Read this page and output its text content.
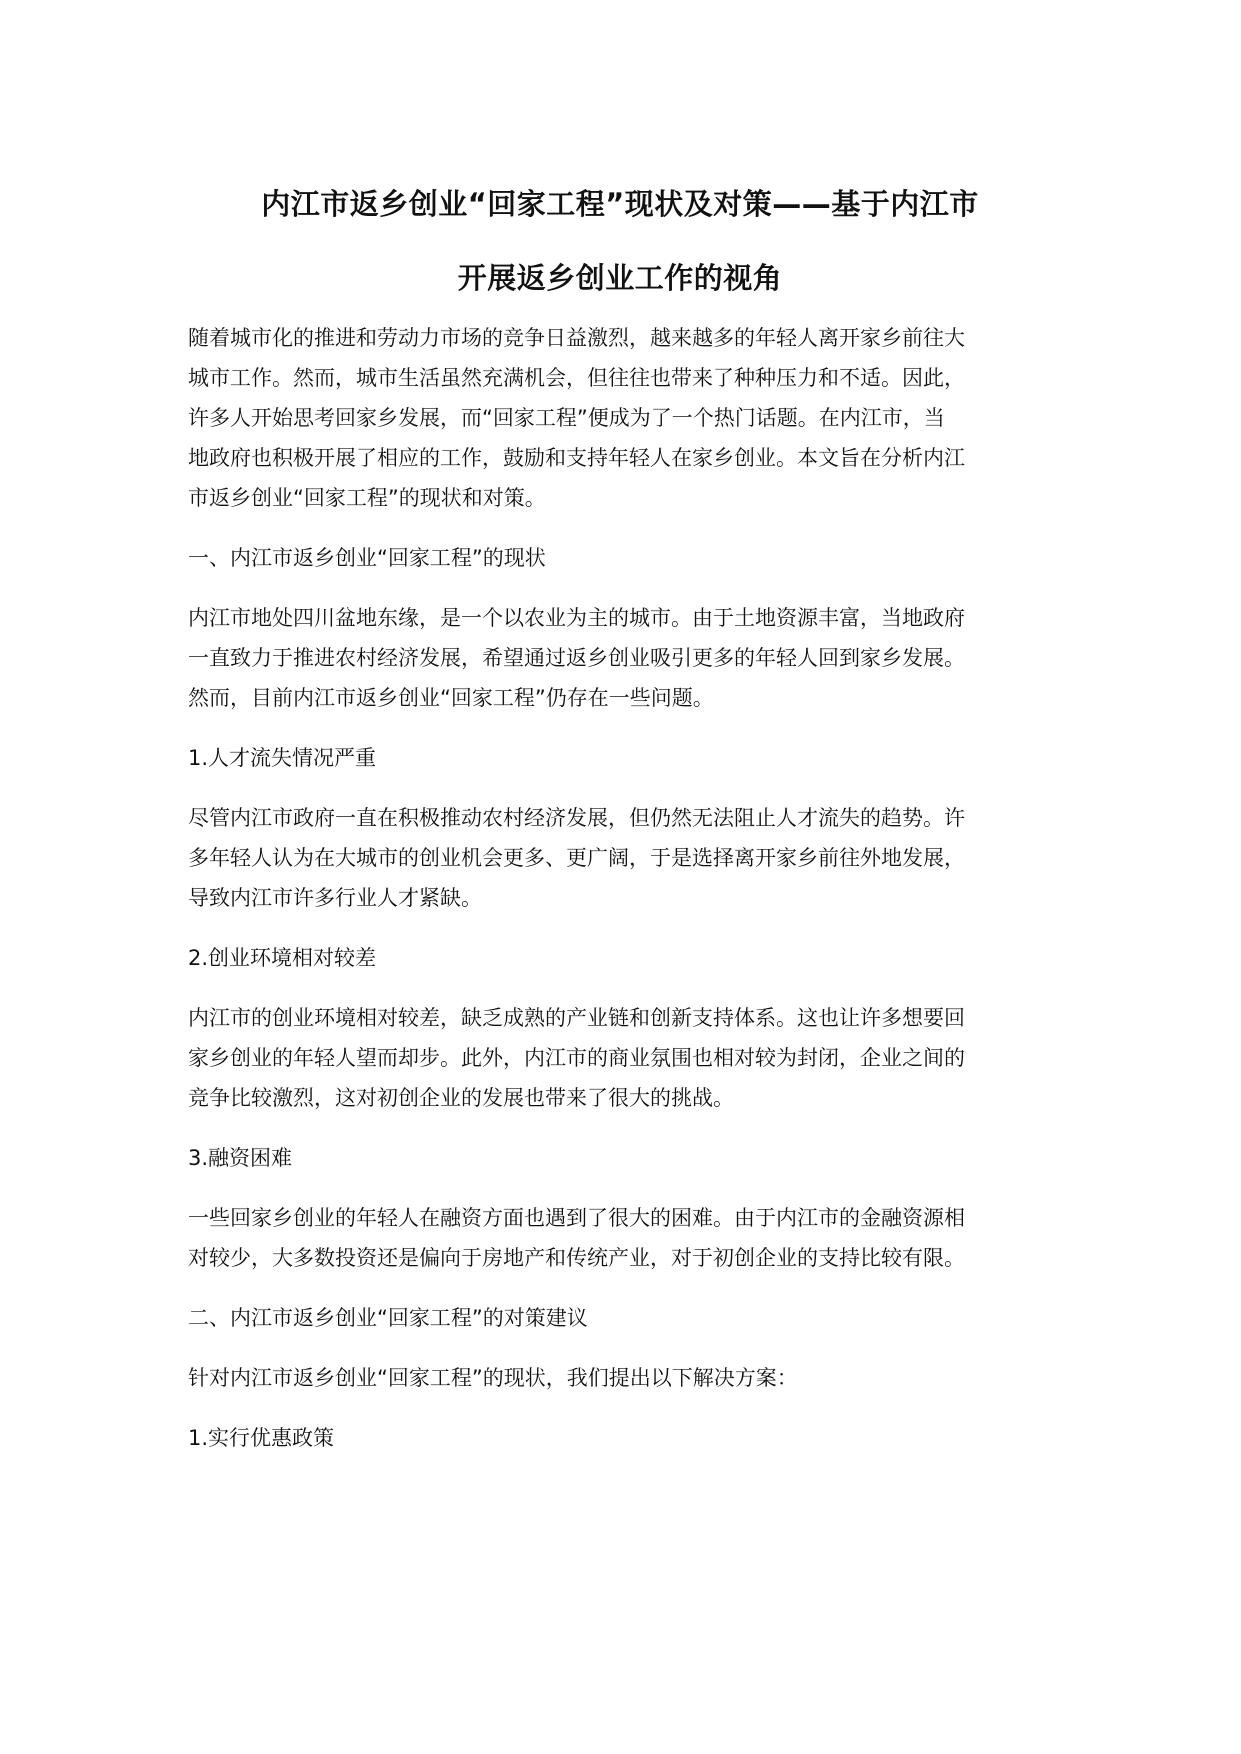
内江市返乡创业“回家工程”现状及对策——基于内江市
开展返乡创业工作的视角

随着城市化的推进和劳动力市场的竞争日益激烈，越来越多的年轻人离开家乡前往大

城市工作。然而，城市生活虽然充满机会，但往往也带来了种种压力和不适。因此，

许多人开始思考回家乡发展，而“回家工程”便成为了一个热门话题。在内江市，当

地政府也积极开展了相应的工作，鼓励和支持年轻人在家乡创业。本文旨在分析内江

市返乡创业“回家工程”的现状和对策。

一、内江市返乡创业“回家工程”的现状

内江市地处四川盆地东缘，是一个以农业为主的城市。由于土地资源丰富，当地政府

一直致力于推进农村经济发展，希望通过返乡创业吸引更多的年轻人回到家乡发展。

然而，目前内江市返乡创业“回家工程”仍存在一些问题。

1.人才流失情况严重

尽管内江市政府一直在积极推动农村经济发展，但仍然无法阻止人才流失的趋势。许

多年轻人认为在大城市的创业机会更多、更广阔，于是选择离开家乡前往外地发展，

导致内江市许多行业人才紧缺。

2.创业环境相对较差

内江市的创业环境相对较差，缺乏成熟的产业链和创新支持体系。这也让许多想要回

家乡创业的年轻人望而却步。此外，内江市的商业氛围也相对较为封闭，企业之间的

竞争比较激烈，这对初创企业的发展也带来了很大的挑战。

3.融资困难

一些回家乡创业的年轻人在融资方面也遇到了很大的困难。由于内江市的金融资源相

对较少，大多数投资还是偏向于房地产和传统产业，对于初创企业的支持比较有限。

二、内江市返乡创业“回家工程”的对策建议

针对内江市返乡创业“回家工程”的现状，我们提出以下解决方案：

1.实行优惠政策
